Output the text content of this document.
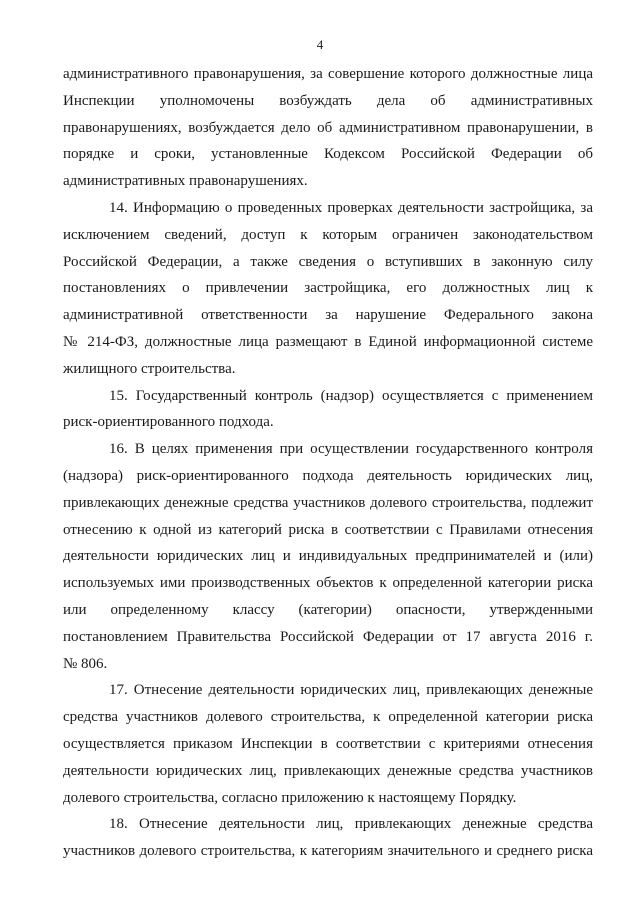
4
административного правонарушения, за совершение которого должностные лица
Инспекции уполномочены возбуждать дела об административных
правонарушениях, возбуждается дело об административном правонарушении, в
порядке и сроки, установленные Кодексом Российской Федерации об
административных правонарушениях.
14. Информацию о проведенных проверках деятельности застройщика, за
исключением сведений, доступ к которым ограничен законодательством
Российской Федерации, а также сведения о вступивших в законную силу
постановлениях о привлечении застройщика, его должностных лиц к
административной ответственности за нарушение Федерального закона
№ 214-ФЗ, должностные лица размещают в Единой информационной системе
жилищного строительства.
15. Государственный контроль (надзор) осуществляется с применением
риск-ориентированного подхода.
16. В целях применения при осуществлении государственного контроля
(надзора) риск-ориентированного подхода деятельность юридических лиц,
привлекающих денежные средства участников долевого строительства, подлежит
отнесению к одной из категорий риска в соответствии с Правилами отнесения
деятельности юридических лиц и индивидуальных предпринимателей и (или)
используемых ими производственных объектов к определенной категории риска
или определенному классу (категории) опасности, утвержденными
постановлением Правительства Российской Федерации от 17 августа 2016 г.
№ 806.
17. Отнесение деятельности юридических лиц, привлекающих денежные
средства участников долевого строительства, к определенной категории риска
осуществляется приказом Инспекции в соответствии с критериями отнесения
деятельности юридических лиц, привлекающих денежные средства участников
долевого строительства, согласно приложению к настоящему Порядку.
18. Отнесение деятельности лиц, привлекающих денежные средства
участников долевого строительства, к категориям значительного и среднего риска
